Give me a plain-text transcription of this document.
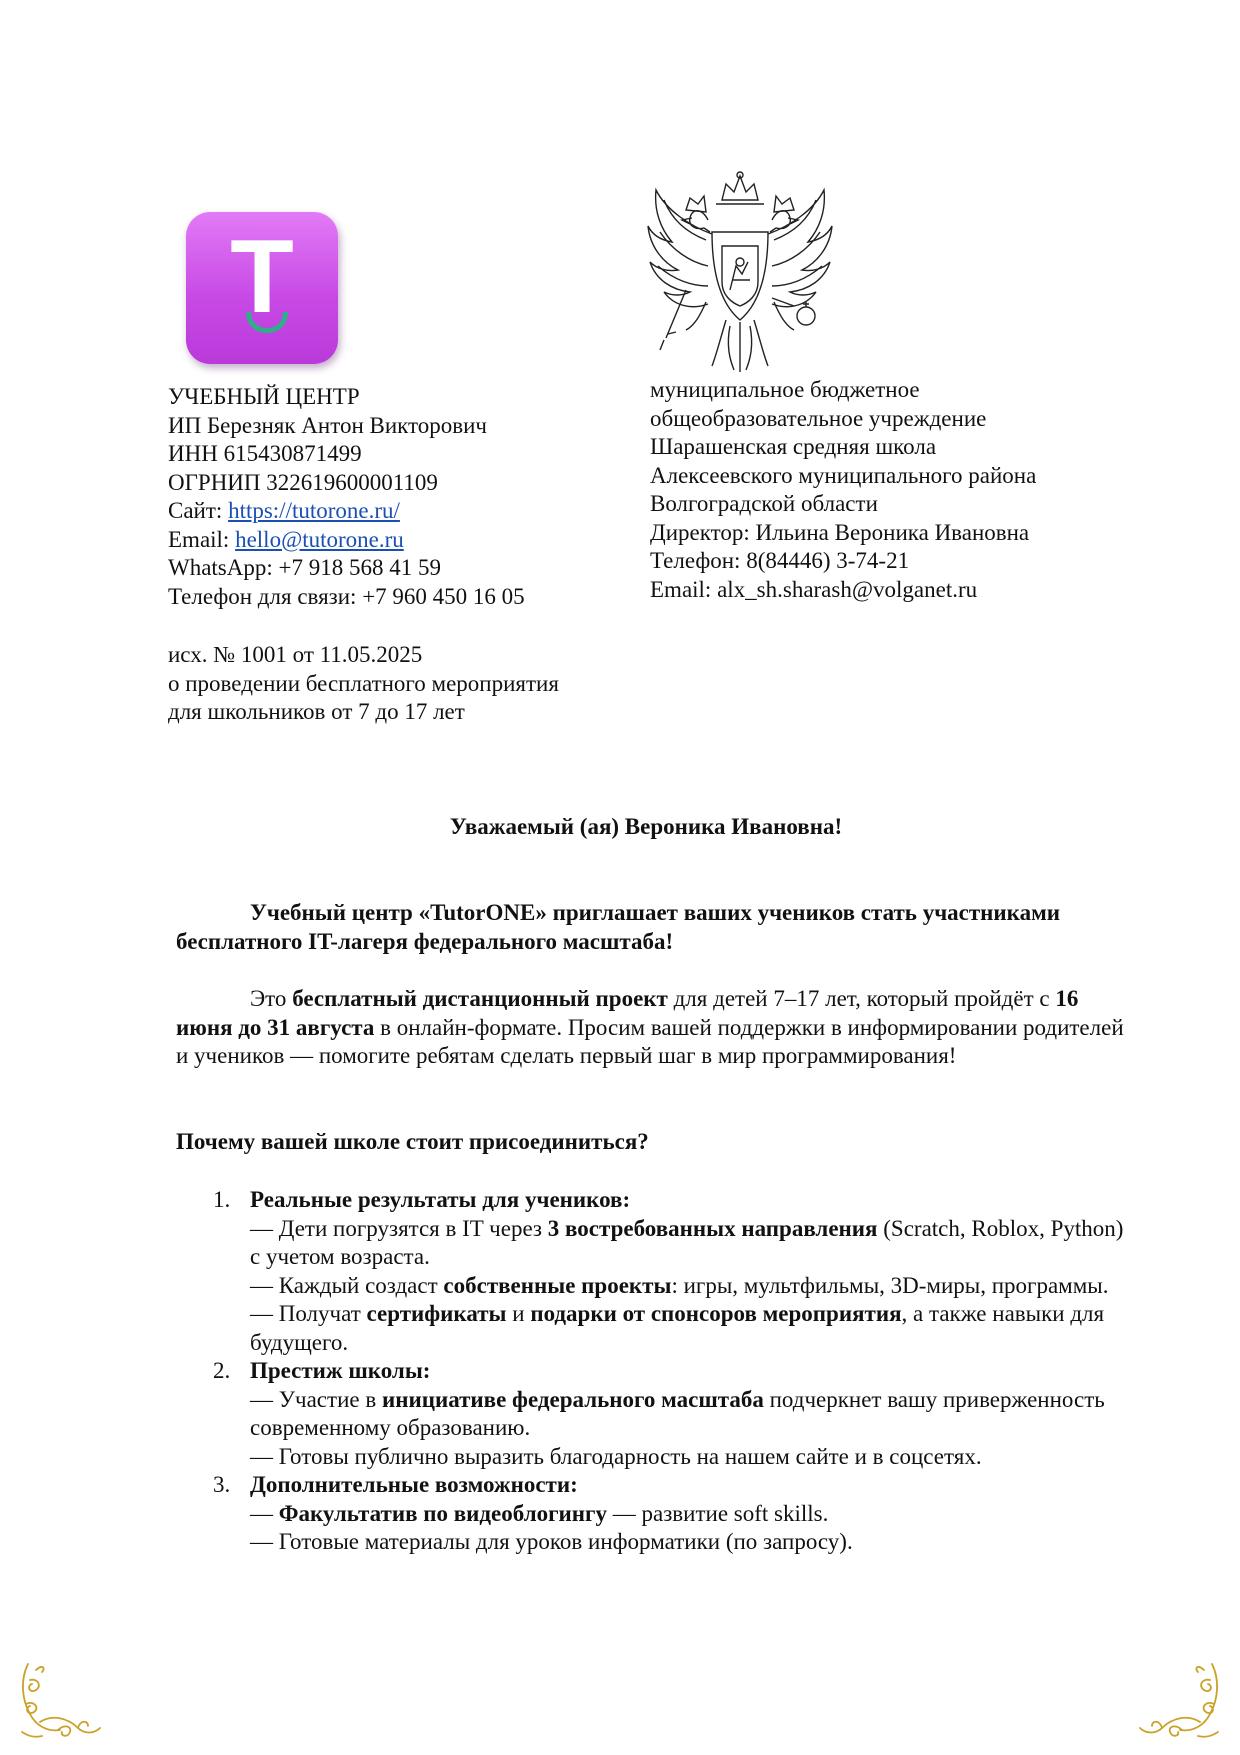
T
УЧЕБНЫЙ ЦЕНТР
ИП Березняк Антон Викторович
ИНН 615430871499
ОГРНИП 322619600001109
Сайт: https://tutorone.ru/
Email: hello@tutorone.ru
WhatsApp: +7 918 568 41 59
Телефон для связи: +7 960 450 16 05
муниципальное бюджетное
общеобразовательное учреждение
Шарашенская средняя школа
Алексеевского муниципального района
Волгоградской области
Директор: Ильина Вероника Ивановна
Телефон: 8(84446) 3-74-21
Email: alx_sh.sharash@volganet.ru
исх. № 1001 от 11.05.2025
о проведении бесплатного мероприятия
для школьников от 7 до 17 лет
Уважаемый (ая) Вероника Ивановна!

Учебный центр «TutorONE» приглашает ваших учеников стать участниками бесплатного IT-лагеря федерального масштаба!

Это бесплатный дистанционный проект для детей 7–17 лет, который пройдёт с 16 июня до 31 августа в онлайн-формате. Просим вашей поддержки в информировании родителей и учеников — помогите ребятам сделать первый шаг в мир программирования!

Почему вашей школе стоит присоединиться?
1. Реальные результаты для учеников:

— Дети погрузятся в IT через 3 востребованных направления (Scratch, Roblox, Python) с учетом возраста.

— Каждый создаст собственные проекты: игры, мультфильмы, 3D-миры, программы.

— Получат сертификаты и подарки от спонсоров мероприятия, а также навыки для будущего.

2. Престиж школы:

— Участие в инициативе федерального масштаба подчеркнет вашу приверженность современному образованию.

— Готовы публично выразить благодарность на нашем сайте и в соцсетях.

3. Дополнительные возможности:

— Факультатив по видеоблогингу — развитие soft skills.

— Готовые материалы для уроков информатики (по запросу).
